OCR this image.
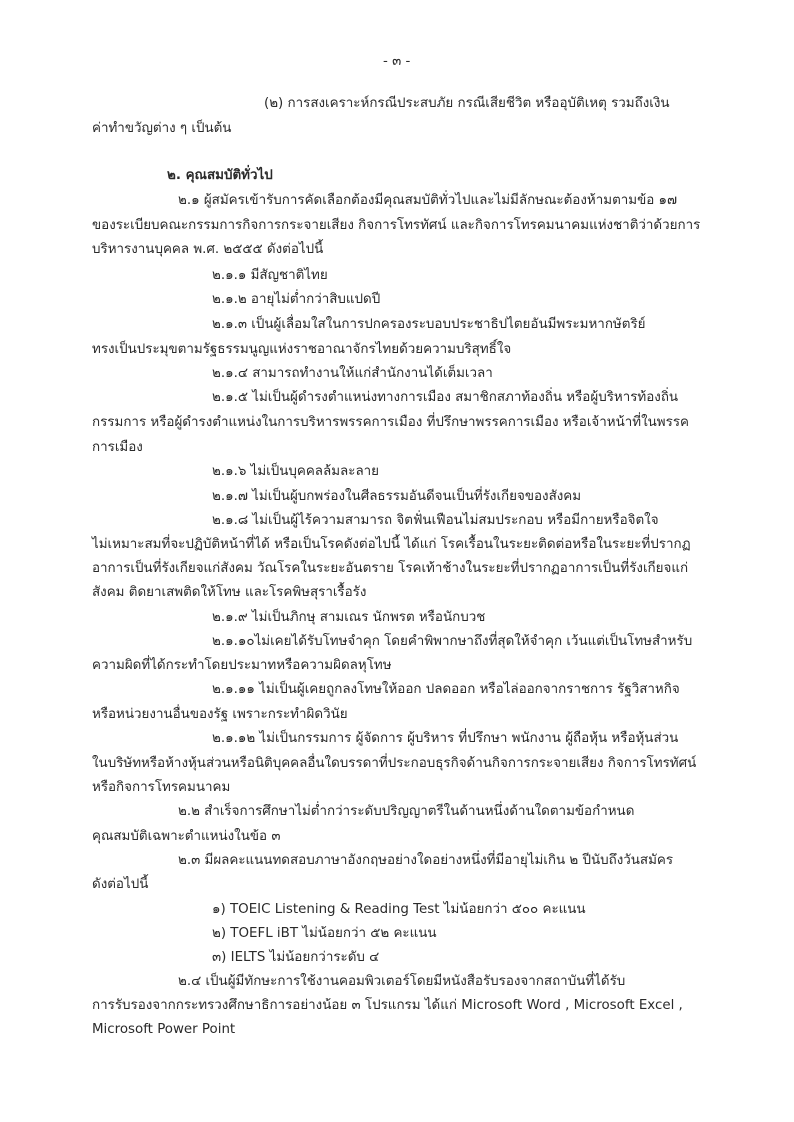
- ๓ -
(๒) การสงเคราะห์กรณีประสบภัย กรณีเสียชีวิต หรืออุบัติเหตุ รวมถึงเงิน
ค่าทำขวัญต่าง ๆ เป็นต้น
๒. คุณสมบัติทั่วไป
๒.๑ ผู้สมัครเข้ารับการคัดเลือกต้องมีคุณสมบัติทั่วไปและไม่มีลักษณะต้องห้ามตามข้อ ๑๗
ของระเบียบคณะกรรมการกิจการกระจายเสียง กิจการโทรทัศน์ และกิจการโทรคมนาคมแห่งชาติว่าด้วยการ
บริหารงานบุคคล พ.ศ. ๒๕๕๕ ดังต่อไปนี้
๒.๑.๑ มีสัญชาติไทย
๒.๑.๒ อายุไม่ต่ำกว่าสิบแปดปี
๒.๑.๓ เป็นผู้เลื่อมใสในการปกครองระบอบประชาธิปไตยอันมีพระมหากษัตริย์
ทรงเป็นประมุขตามรัฐธรรมนูญแห่งราชอาณาจักรไทยด้วยความบริสุทธิ์ใจ
๒.๑.๔ สามารถทำงานให้แก่สำนักงานได้เต็มเวลา
๒.๑.๕ ไม่เป็นผู้ดำรงตำแหน่งทางการเมือง สมาชิกสภาท้องถิ่น หรือผู้บริหารท้องถิ่น
กรรมการ หรือผู้ดำรงตำแหน่งในการบริหารพรรคการเมือง ที่ปรึกษาพรรคการเมือง หรือเจ้าหน้าที่ในพรรค
การเมือง
๒.๑.๖ ไม่เป็นบุคคลล้มละลาย
๒.๑.๗ ไม่เป็นผู้บกพร่องในศีลธรรมอันดีจนเป็นที่รังเกียจของสังคม
๒.๑.๘ ไม่เป็นผู้ไร้ความสามารถ จิตฟั่นเฟือนไม่สมประกอบ หรือมีกายหรือจิตใจ
ไม่เหมาะสมที่จะปฏิบัติหน้าที่ได้ หรือเป็นโรคดังต่อไปนี้ ได้แก่ โรคเรื้อนในระยะติดต่อหรือในระยะที่ปรากฏ
อาการเป็นที่รังเกียจแก่สังคม วัณโรคในระยะอันตราย โรคเท้าช้างในระยะที่ปรากฏอาการเป็นที่รังเกียจแก่
สังคม ติดยาเสพติดให้โทษ และโรคพิษสุราเรื้อรัง
๒.๑.๙ ไม่เป็นภิกษุ สามเณร นักพรต หรือนักบวช
๒.๑.๑๐ไม่เคยได้รับโทษจำคุก โดยคำพิพากษาถึงที่สุดให้จำคุก เว้นแต่เป็นโทษสำหรับ
ความผิดที่ได้กระทำโดยประมาทหรือความผิดลหุโทษ
๒.๑.๑๑ ไม่เป็นผู้เคยถูกลงโทษให้ออก ปลดออก หรือไล่ออกจากราชการ รัฐวิสาหกิจ
หรือหน่วยงานอื่นของรัฐ เพราะกระทำผิดวินัย
๒.๑.๑๒ ไม่เป็นกรรมการ ผู้จัดการ ผู้บริหาร ที่ปรึกษา พนักงาน ผู้ถือหุ้น หรือหุ้นส่วน
ในบริษัทหรือห้างหุ้นส่วนหรือนิติบุคคลอื่นใดบรรดาที่ประกอบธุรกิจด้านกิจการกระจายเสียง กิจการโทรทัศน์
หรือกิจการโทรคมนาคม
๒.๒ สำเร็จการศึกษาไม่ต่ำกว่าระดับปริญญาตรีในด้านหนึ่งด้านใดตามข้อกำหนด
คุณสมบัติเฉพาะตำแหน่งในข้อ ๓
๒.๓ มีผลคะแนนทดสอบภาษาอังกฤษอย่างใดอย่างหนึ่งที่มีอายุไม่เกิน ๒ ปีนับถึงวันสมัคร
ดังต่อไปนี้
๑) TOEIC Listening & Reading Test ไม่น้อยกว่า ๕๐๐ คะแนน
๒) TOEFL iBT ไม่น้อยกว่า ๕๒ คะแนน
๓) IELTS ไม่น้อยกว่าระดับ ๔
๒.๔ เป็นผู้มีทักษะการใช้งานคอมพิวเตอร์โดยมีหนังสือรับรองจากสถาบันที่ได้รับ
การรับรองจากกระทรวงศึกษาธิการอย่างน้อย ๓ โปรแกรม ได้แก่ Microsoft Word , Microsoft Excel ,
Microsoft Power Point
